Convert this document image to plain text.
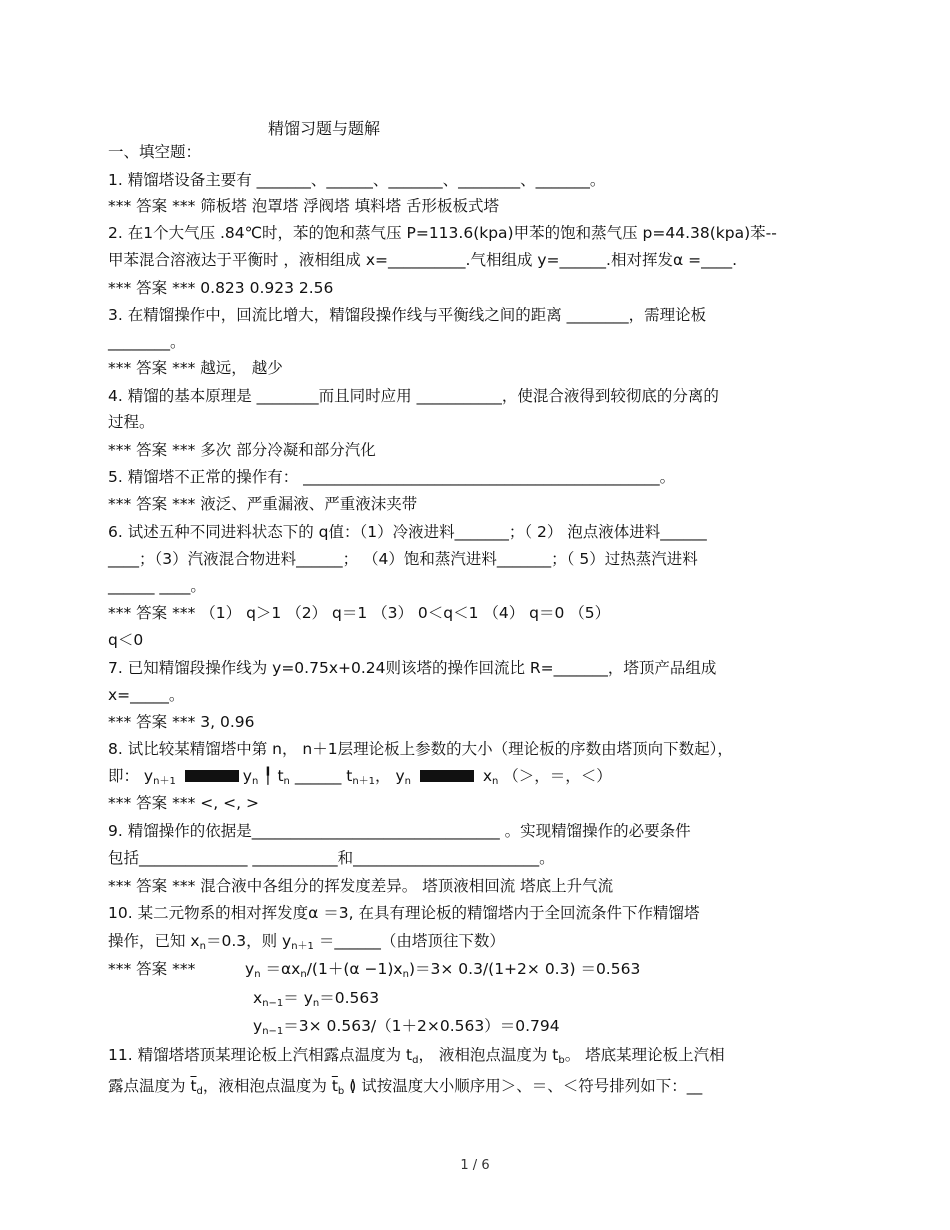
精馏习题与题解
一、填空题：
1. 精馏塔设备主要有 _______、______、_______、________、_______。
*** 答案 *** 筛板塔 泡罩塔 浮阀塔 填料塔 舌形板板式塔
2. 在1个大气压 .84℃时，苯的饱和蒸气压 P=113.6(kpa)甲苯的饱和蒸气压 p=44.38(kpa)苯--
甲苯混合溶液达于平衡时 ，液相组成 x=__________.气相组成 y=______.相对挥发α =____.
*** 答案 *** 0.823 0.923 2.56
3. 在精馏操作中，回流比增大，精馏段操作线与平衡线之间的距离 ________，需理论板
________。
*** 答案 *** 越远， 越少
4. 精馏的基本原理是 ________而且同时应用 ___________，使混合液得到较彻底的分离的
过程。
*** 答案 *** 多次 部分冷凝和部分汽化
5. 精馏塔不正常的操作有： ______________________________________________。
*** 答案 *** 液泛、严重漏液、严重液沫夹带
6. 试述五种不同进料状态下的 q值：（1）冷液进料_______；（ 2） 泡点液体进料______
____；（3）汽液混合物进料______； （4）饱和蒸汽进料_______；（ 5）过热蒸汽进料
______ ____。
*** 答案 *** （1） q＞1 （2） q＝1 （3） 0＜q＜1 （4） q＝0 （5）
q＜0
7. 已知精馏段操作线为 y=0.75x+0.24则该塔的操作回流比 R=_______，塔顶产品组成
x=_____。
*** 答案 *** 3, 0.96
8. 试比较某精馏塔中第 n， n＋1层理论板上参数的大小（理论板的序数由塔顶向下数起），
即： $y_{n+1}$	$y_n$ ╿ $t_n$ ______ $t_{n+1}$， $y_n$	$x_n$ （＞，＝，＜）
*** 答案 *** <, <, >
9. 精馏操作的依据是________________________________ 。实现精馏操作的必要条件
包括______________ ___________和________________________。
*** 答案 *** 混合液中各组分的挥发度差异。 塔顶液相回流 塔底上升气流
10. 某二元物系的相对挥发度α ＝3, 在具有理论板的精馏塔内于全回流条件下作精馏塔
操作，已知 $x_n=0.3$，则 $y_{n+1}$ ＝______（由塔顶往下数）
*** 答案 ***	$y_n =\alpha x_n/(1+(\alpha -1)x_n)=3\times 0.3/(1+2\times 0.3) =0.563$
$x_{n-1}= y_n=0.563$
$y_{n-1}=3\times 0.563/(1+2\times 0.563)=0.794$
11. 精馏塔塔顶某理论板上汽相露点温度为 $t_d$， 液相泡点温度为 $t_b$。 塔底某理论板上汽相
露点温度为 $\overline{t}_d$，液相泡点温度为 $\overline{t}_b$ ≬ 试按温度大小顺序用＞、＝、＜符号排列如下：__
1 / 6
